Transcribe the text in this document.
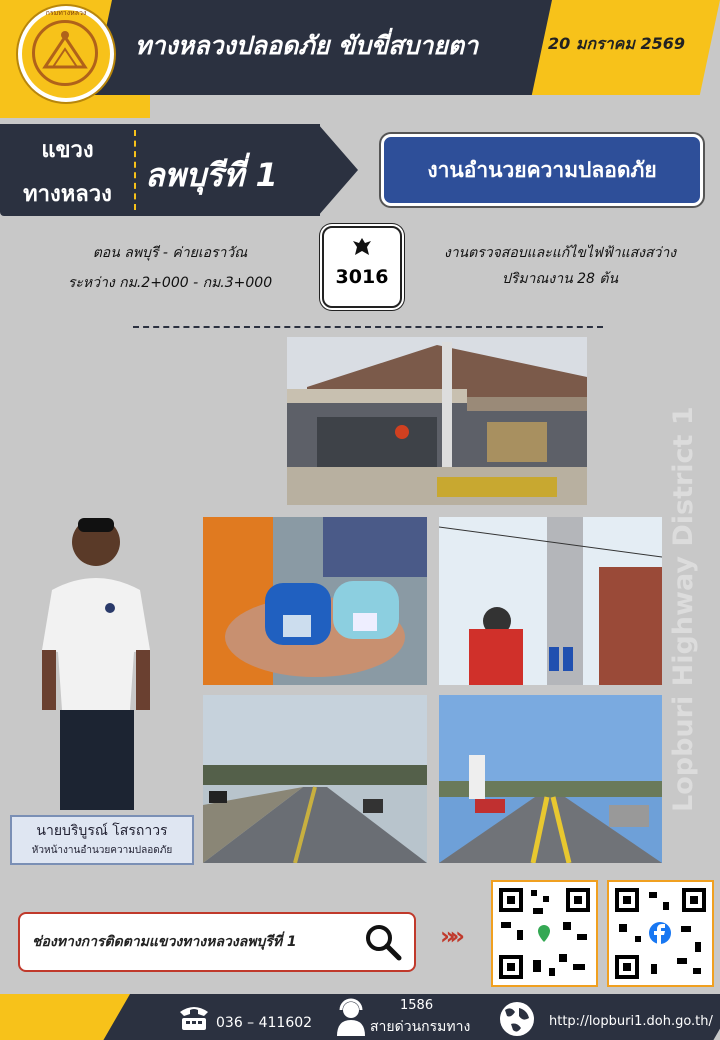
กรมทางหลวง
ทางหลวงปลอดภัย ขับขี่สบายตา	20 มกราคม 2569
แขวง
ทางหลวง
ลพบุรีที่ 1	งานอำนวยความปลอดภัย
ตอน ลพบุรี - ค่ายเอราวัณ
ระหว่าง กม.2+000 - กม.3+000	3016
งานตรวจสอบและแก้ไขไฟฟ้าแสงสว่าง
ปริมาณงาน 28 ต้น
Lopburi Highway District 1
นายบริบูรณ์ โสรถาวร
หัวหน้างานอำนวยความปลอดภัย
ช่องทางการติดตามแขวงทางหลวงลพบุรีที่ 1	»»
036 – 411602
1586
สายด่วนกรมทาง	http://lopburi1.doh.go.th/
